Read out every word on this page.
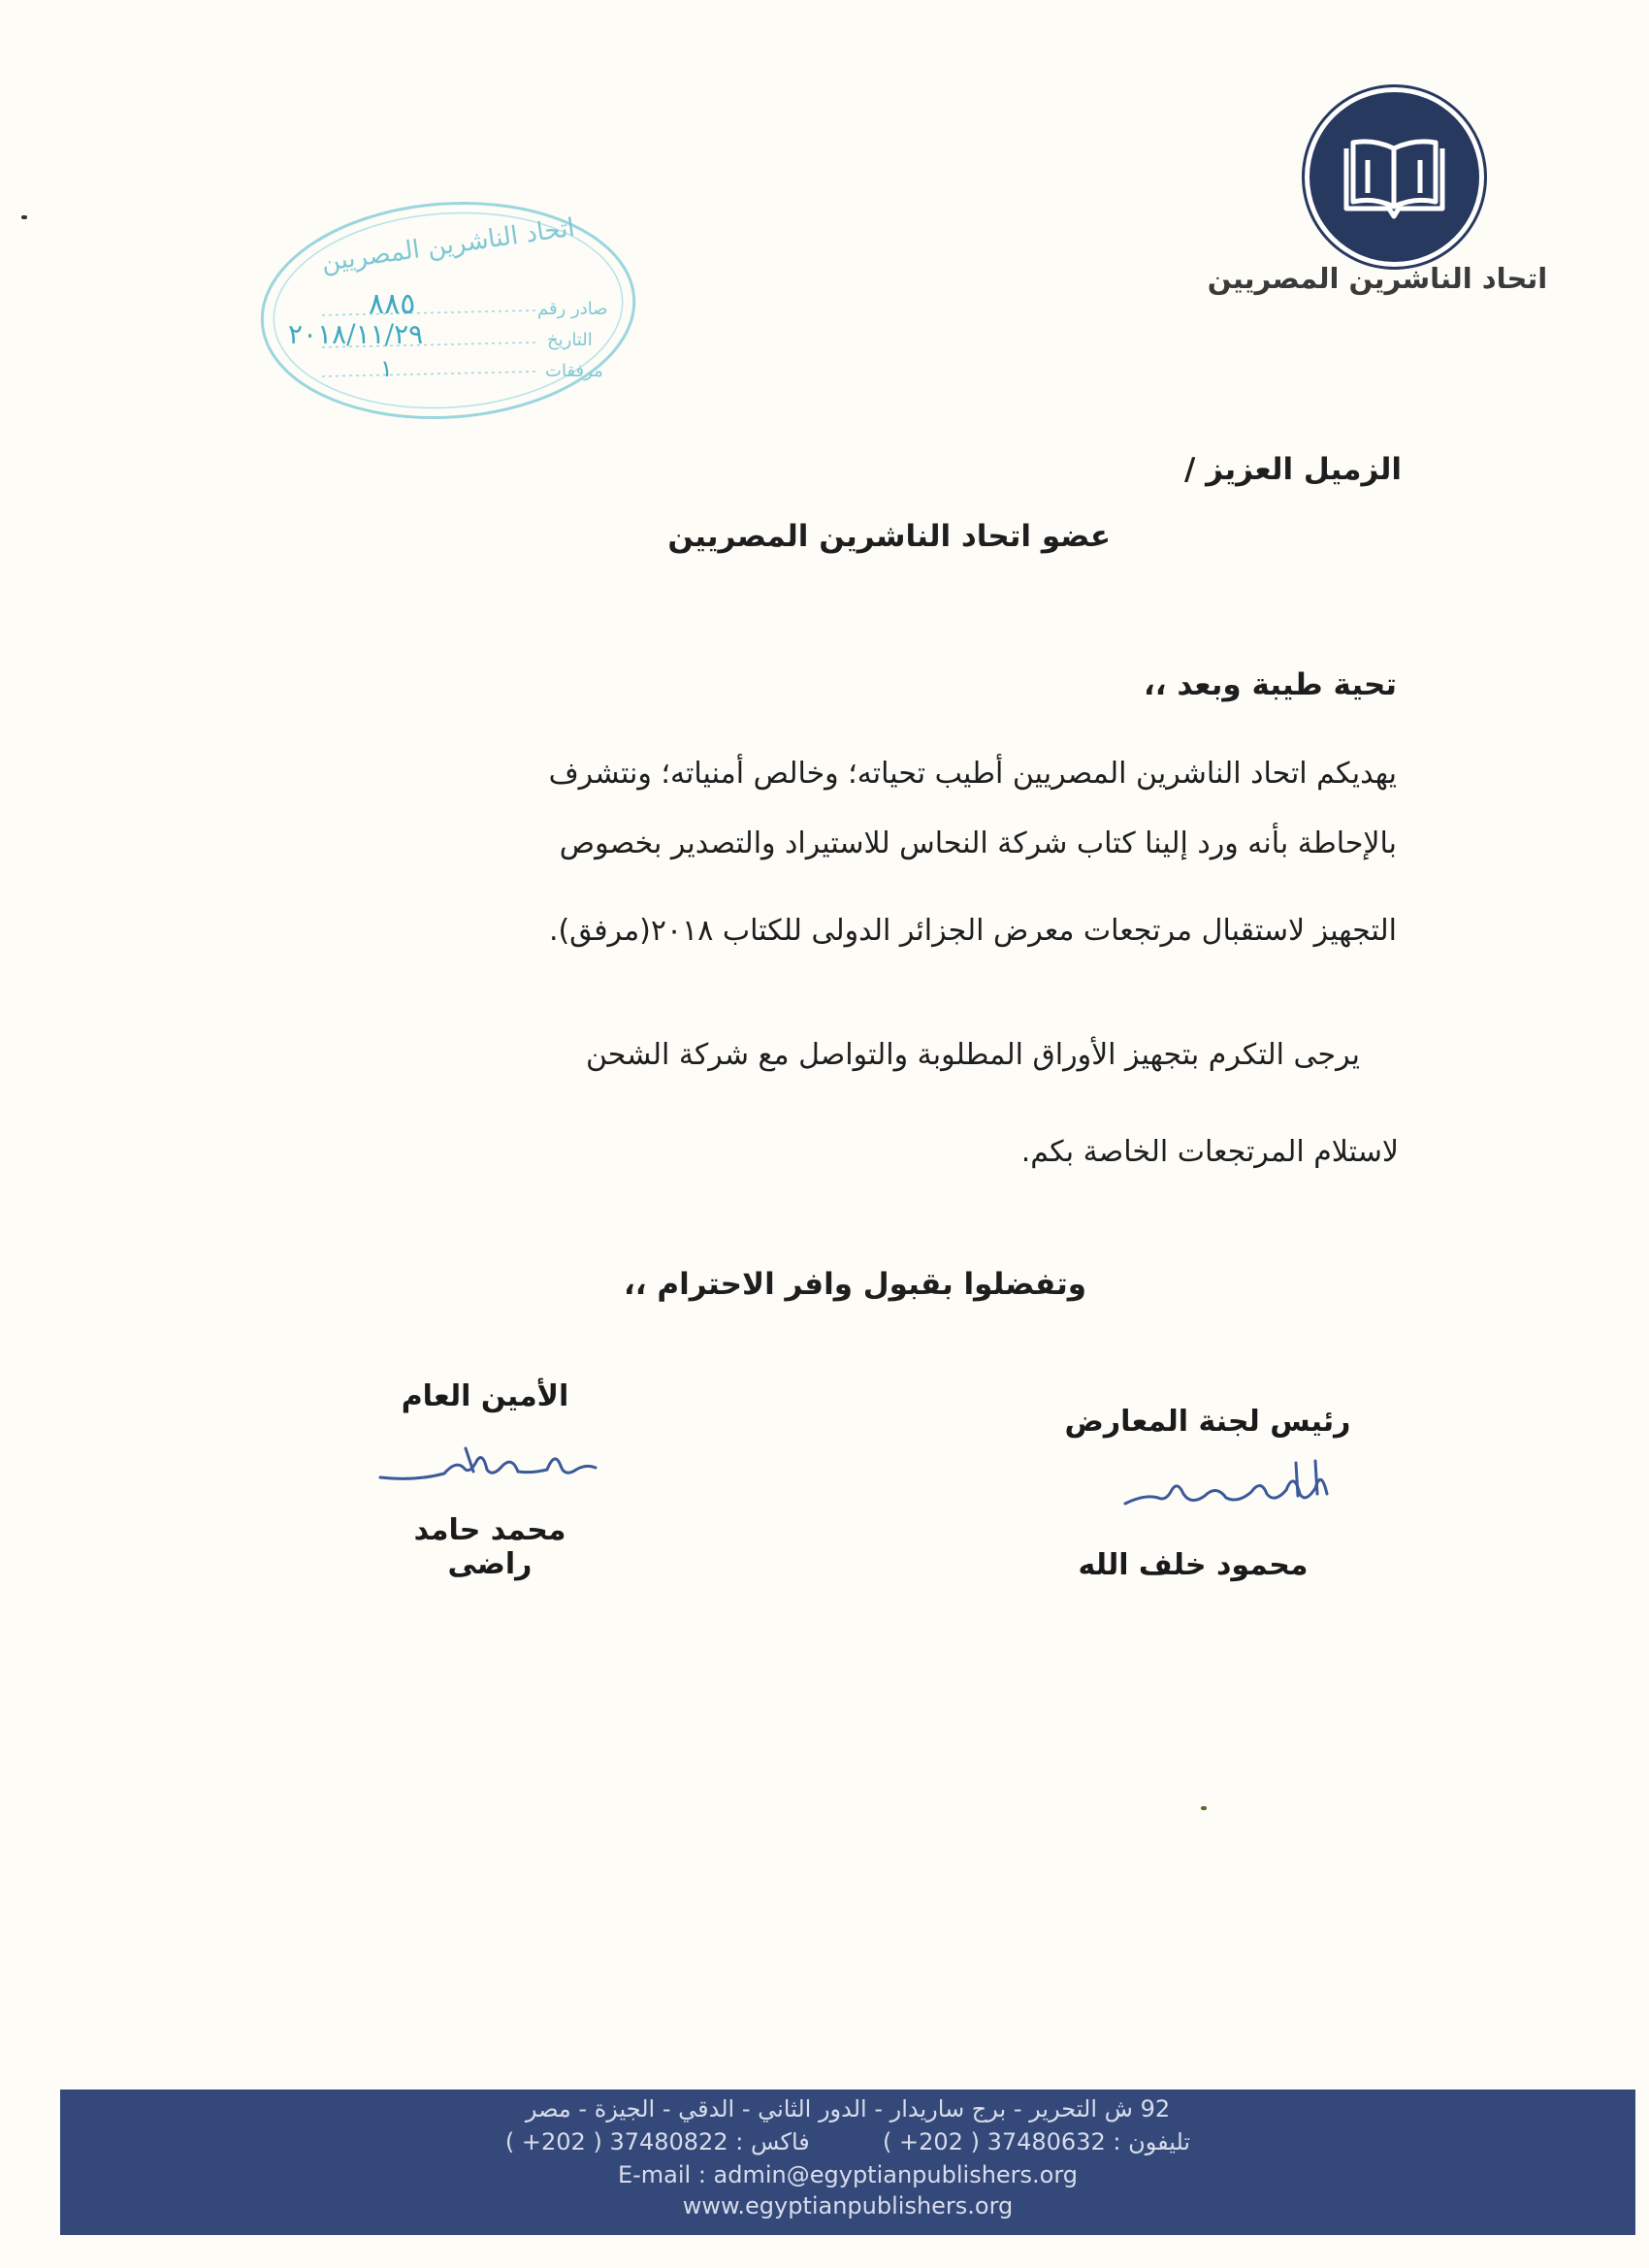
اتحاد الناشرين المصريين
اتحاد الناشرين المصريين
صادر رقم
التاريخ
مرفقات
٨٨٥
٢٠١٨/١١/٢٩
١
الزميل العزيز /
عضو اتحاد الناشرين المصريين
تحية طيبة وبعد ،،
يهديكم اتحاد الناشرين المصريين أطيب تحياته؛ وخالص أمنياته؛ ونتشرف
بالإحاطة بأنه ورد إلينا كتاب شركة النحاس للاستيراد والتصدير بخصوص
التجهيز لاستقبال مرتجعات معرض الجزائر الدولى للكتاب ٢٠١٨(مرفق).
يرجى التكرم بتجهيز الأوراق المطلوبة والتواصل مع شركة الشحن
لاستلام المرتجعات الخاصة بكم.
وتفضلوا بقبول وافر الاحترام ،،
الأمين العام
محمد حامد راضى
رئيس لجنة المعارض
محمود خلف الله
92 ش التحرير - برج ساريدار - الدور الثاني - الدقي - الجيزة - مصر
تليفون : 37480632 ( 202+ )  فاكس : 37480822 ( 202+ )
E-mail : admin@egyptianpublishers.org
www.egyptianpublishers.org
